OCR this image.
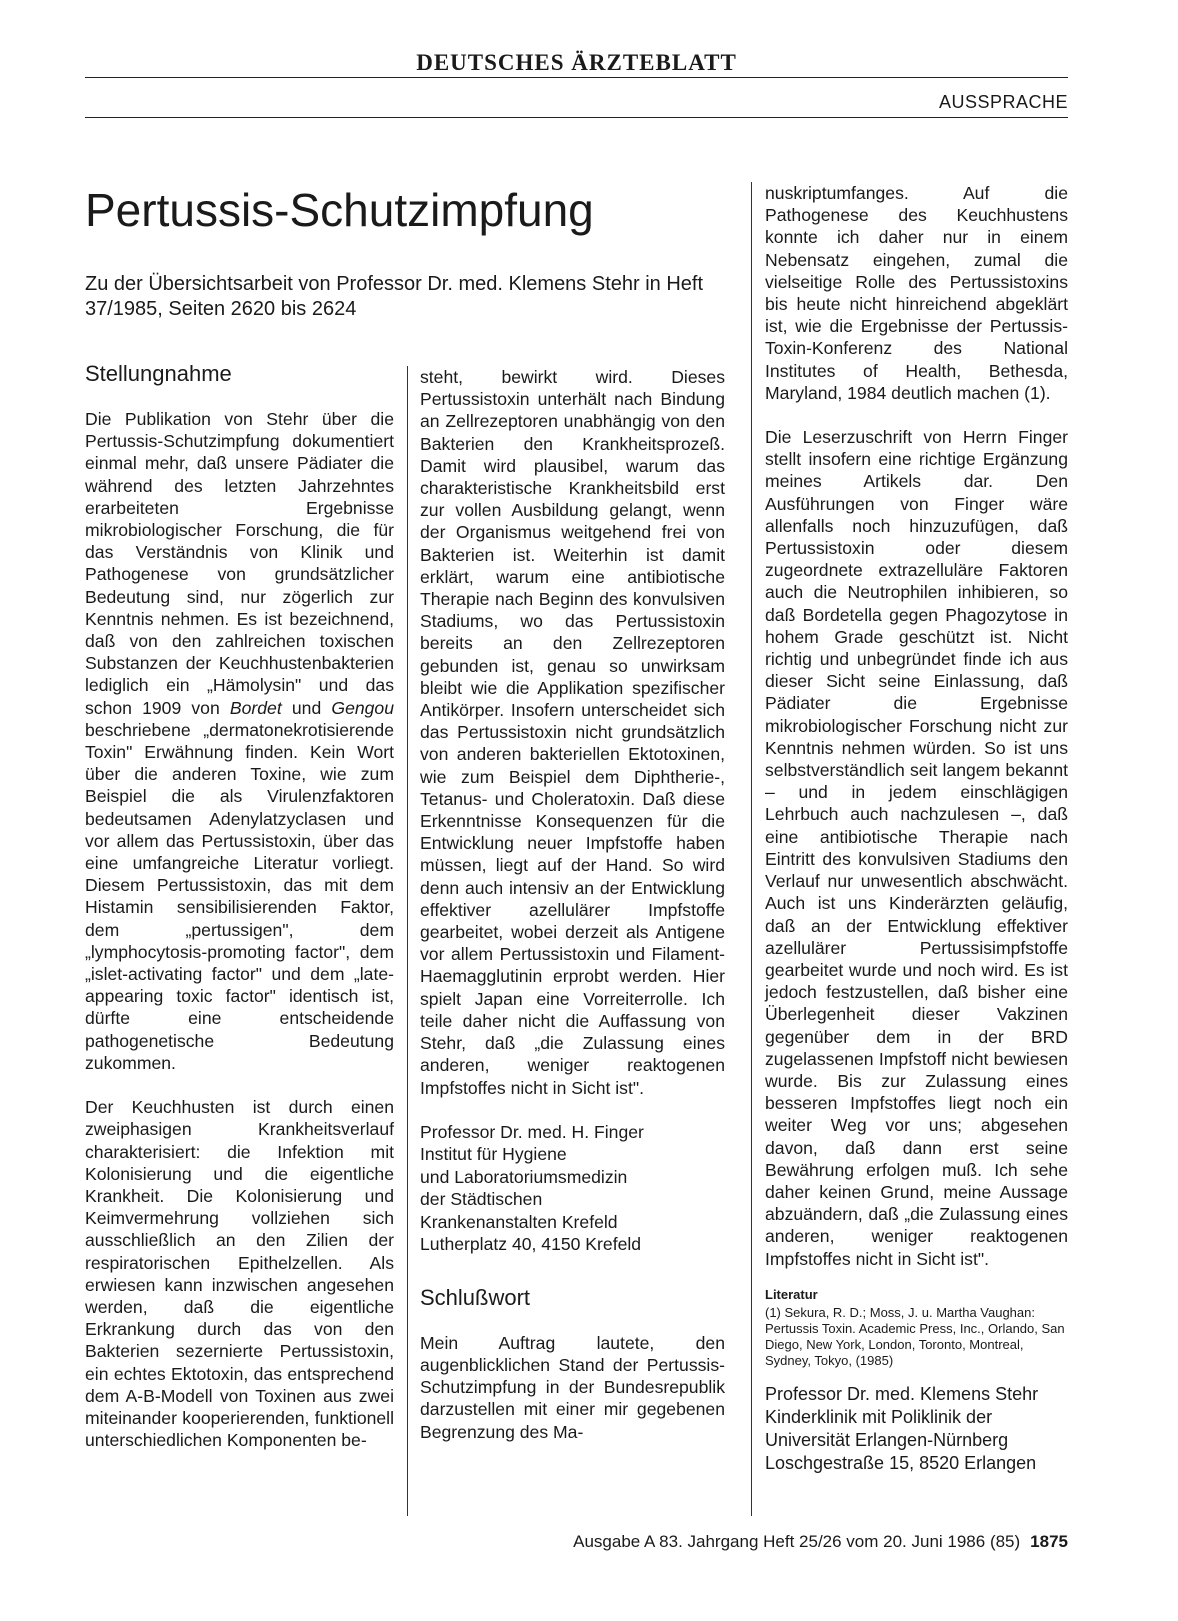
DEUTSCHES ÄRZTEBLATT
AUSSPRACHE
Pertussis-Schutzimpfung
Zu der Übersichtsarbeit von Professor Dr. med. Klemens Stehr in Heft 37/1985, Seiten 2620 bis 2624
Stellungnahme

Die Publikation von Stehr über die Pertussis-Schutzimpfung dokumentiert einmal mehr, daß unsere Pädiater die während des letzten Jahrzehntes erarbeiteten Ergebnisse mikrobiologischer Forschung, die für das Verständnis von Klinik und Pathogenese von grundsätzlicher Bedeutung sind, nur zögerlich zur Kenntnis nehmen. Es ist bezeichnend, daß von den zahlreichen toxischen Substanzen der Keuchhustenbakterien lediglich ein „Hämolysin" und das schon 1909 von Bordet und Gengou beschriebene „dermatonekrotisierende Toxin" Erwähnung finden. Kein Wort über die anderen Toxine, wie zum Beispiel die als Virulenzfaktoren bedeutsamen Adenylatzyclasen und vor allem das Pertussistoxin, über das eine umfangreiche Literatur vorliegt. Diesem Pertussistoxin, das mit dem Histamin sensibilisierenden Faktor, dem „pertussigen", dem „lymphocytosis-promoting factor", dem „islet-activating factor" und dem „late-appearing toxic factor" identisch ist, dürfte eine entscheidende pathogenetische Bedeutung zukommen.

Der Keuchhusten ist durch einen zweiphasigen Krankheitsverlauf charakterisiert: die Infektion mit Kolonisierung und die eigentliche Krankheit. Die Kolonisierung und Keimvermehrung vollziehen sich ausschließlich an den Zilien der respiratorischen Epithelzellen. Als erwiesen kann inzwischen angesehen werden, daß die eigentliche Erkrankung durch das von den Bakterien sezernierte Pertussistoxin, ein echtes Ektotoxin, das entsprechend dem A-B-Modell von Toxinen aus zwei miteinander kooperierenden, funktionell unterschiedlichen Komponenten be-

steht, bewirkt wird. Dieses Pertussistoxin unterhält nach Bindung an Zellrezeptoren unabhängig von den Bakterien den Krankheitsprozeß. Damit wird plausibel, warum das charakteristische Krankheitsbild erst zur vollen Ausbildung gelangt, wenn der Organismus weitgehend frei von Bakterien ist. Weiterhin ist damit erklärt, warum eine antibiotische Therapie nach Beginn des konvulsiven Stadiums, wo das Pertussistoxin bereits an den Zellrezeptoren gebunden ist, genau so unwirksam bleibt wie die Applikation spezifischer Antikörper. Insofern unterscheidet sich das Pertussistoxin nicht grundsätzlich von anderen bakteriellen Ektotoxinen, wie zum Beispiel dem Diphtherie-, Tetanus- und Choleratoxin. Daß diese Erkenntnisse Konsequenzen für die Entwicklung neuer Impfstoffe haben müssen, liegt auf der Hand. So wird denn auch intensiv an der Entwicklung effektiver azellulärer Impfstoffe gearbeitet, wobei derzeit als Antigene vor allem Pertussistoxin und Filament-Haemagglutinin erprobt werden. Hier spielt Japan eine Vorreiterrolle. Ich teile daher nicht die Auffassung von Stehr, daß „die Zulassung eines anderen, weniger reaktogenen Impfstoffes nicht in Sicht ist".

Professor Dr. med. H. Finger
Institut für Hygiene
und Laboratoriumsmedizin
der Städtischen
Krankenanstalten Krefeld
Lutherplatz 40, 4150 Krefeld
Schlußwort

Mein Auftrag lautete, den augenblicklichen Stand der Pertussis-Schutzimpfung in der Bundesrepublik darzustellen mit einer mir gegebenen Begrenzung des Ma-

nuskriptumfanges. Auf die Pathogenese des Keuchhustens konnte ich daher nur in einem Nebensatz eingehen, zumal die vielseitige Rolle des Pertussistoxins bis heute nicht hinreichend abgeklärt ist, wie die Ergebnisse der Pertussis-Toxin-Konferenz des National Institutes of Health, Bethesda, Maryland, 1984 deutlich machen (1).

Die Leserzuschrift von Herrn Finger stellt insofern eine richtige Ergänzung meines Artikels dar. Den Ausführungen von Finger wäre allenfalls noch hinzuzufügen, daß Pertussistoxin oder diesem zugeordnete extrazelluläre Faktoren auch die Neutrophilen inhibieren, so daß Bordetella gegen Phagozytose in hohem Grade geschützt ist. Nicht richtig und unbegründet finde ich aus dieser Sicht seine Einlassung, daß Pädiater die Ergebnisse mikrobiologischer Forschung nicht zur Kenntnis nehmen würden. So ist uns selbstverständlich seit langem bekannt – und in jedem einschlägigen Lehrbuch auch nachzulesen –, daß eine antibiotische Therapie nach Eintritt des konvulsiven Stadiums den Verlauf nur unwesentlich abschwächt. Auch ist uns Kinderärzten geläufig, daß an der Entwicklung effektiver azellulärer Pertussisimpfstoffe gearbeitet wurde und noch wird. Es ist jedoch festzustellen, daß bisher eine Überlegenheit dieser Vakzinen gegenüber dem in der BRD zugelassenen Impfstoff nicht bewiesen wurde. Bis zur Zulassung eines besseren Impfstoffes liegt noch ein weiter Weg vor uns; abgesehen davon, daß dann erst seine Bewährung erfolgen muß. Ich sehe daher keinen Grund, meine Aussage abzuändern, daß „die Zulassung eines anderen, weniger reaktogenen Impfstoffes nicht in Sicht ist".

Literatur
(1) Sekura, R. D.; Moss, J. u. Martha Vaughan: Pertussis Toxin. Academic Press, Inc., Orlando, San Diego, New York, London, Toronto, Montreal, Sydney, Tokyo, (1985)
Professor Dr. med. Klemens Stehr
Kinderklinik mit Poliklinik der
Universität Erlangen-Nürnberg
Loschgestraße 15, 8520 Erlangen
Ausgabe A 83. Jahrgang Heft 25/26 vom 20. Juni 1986 (85) 1875
